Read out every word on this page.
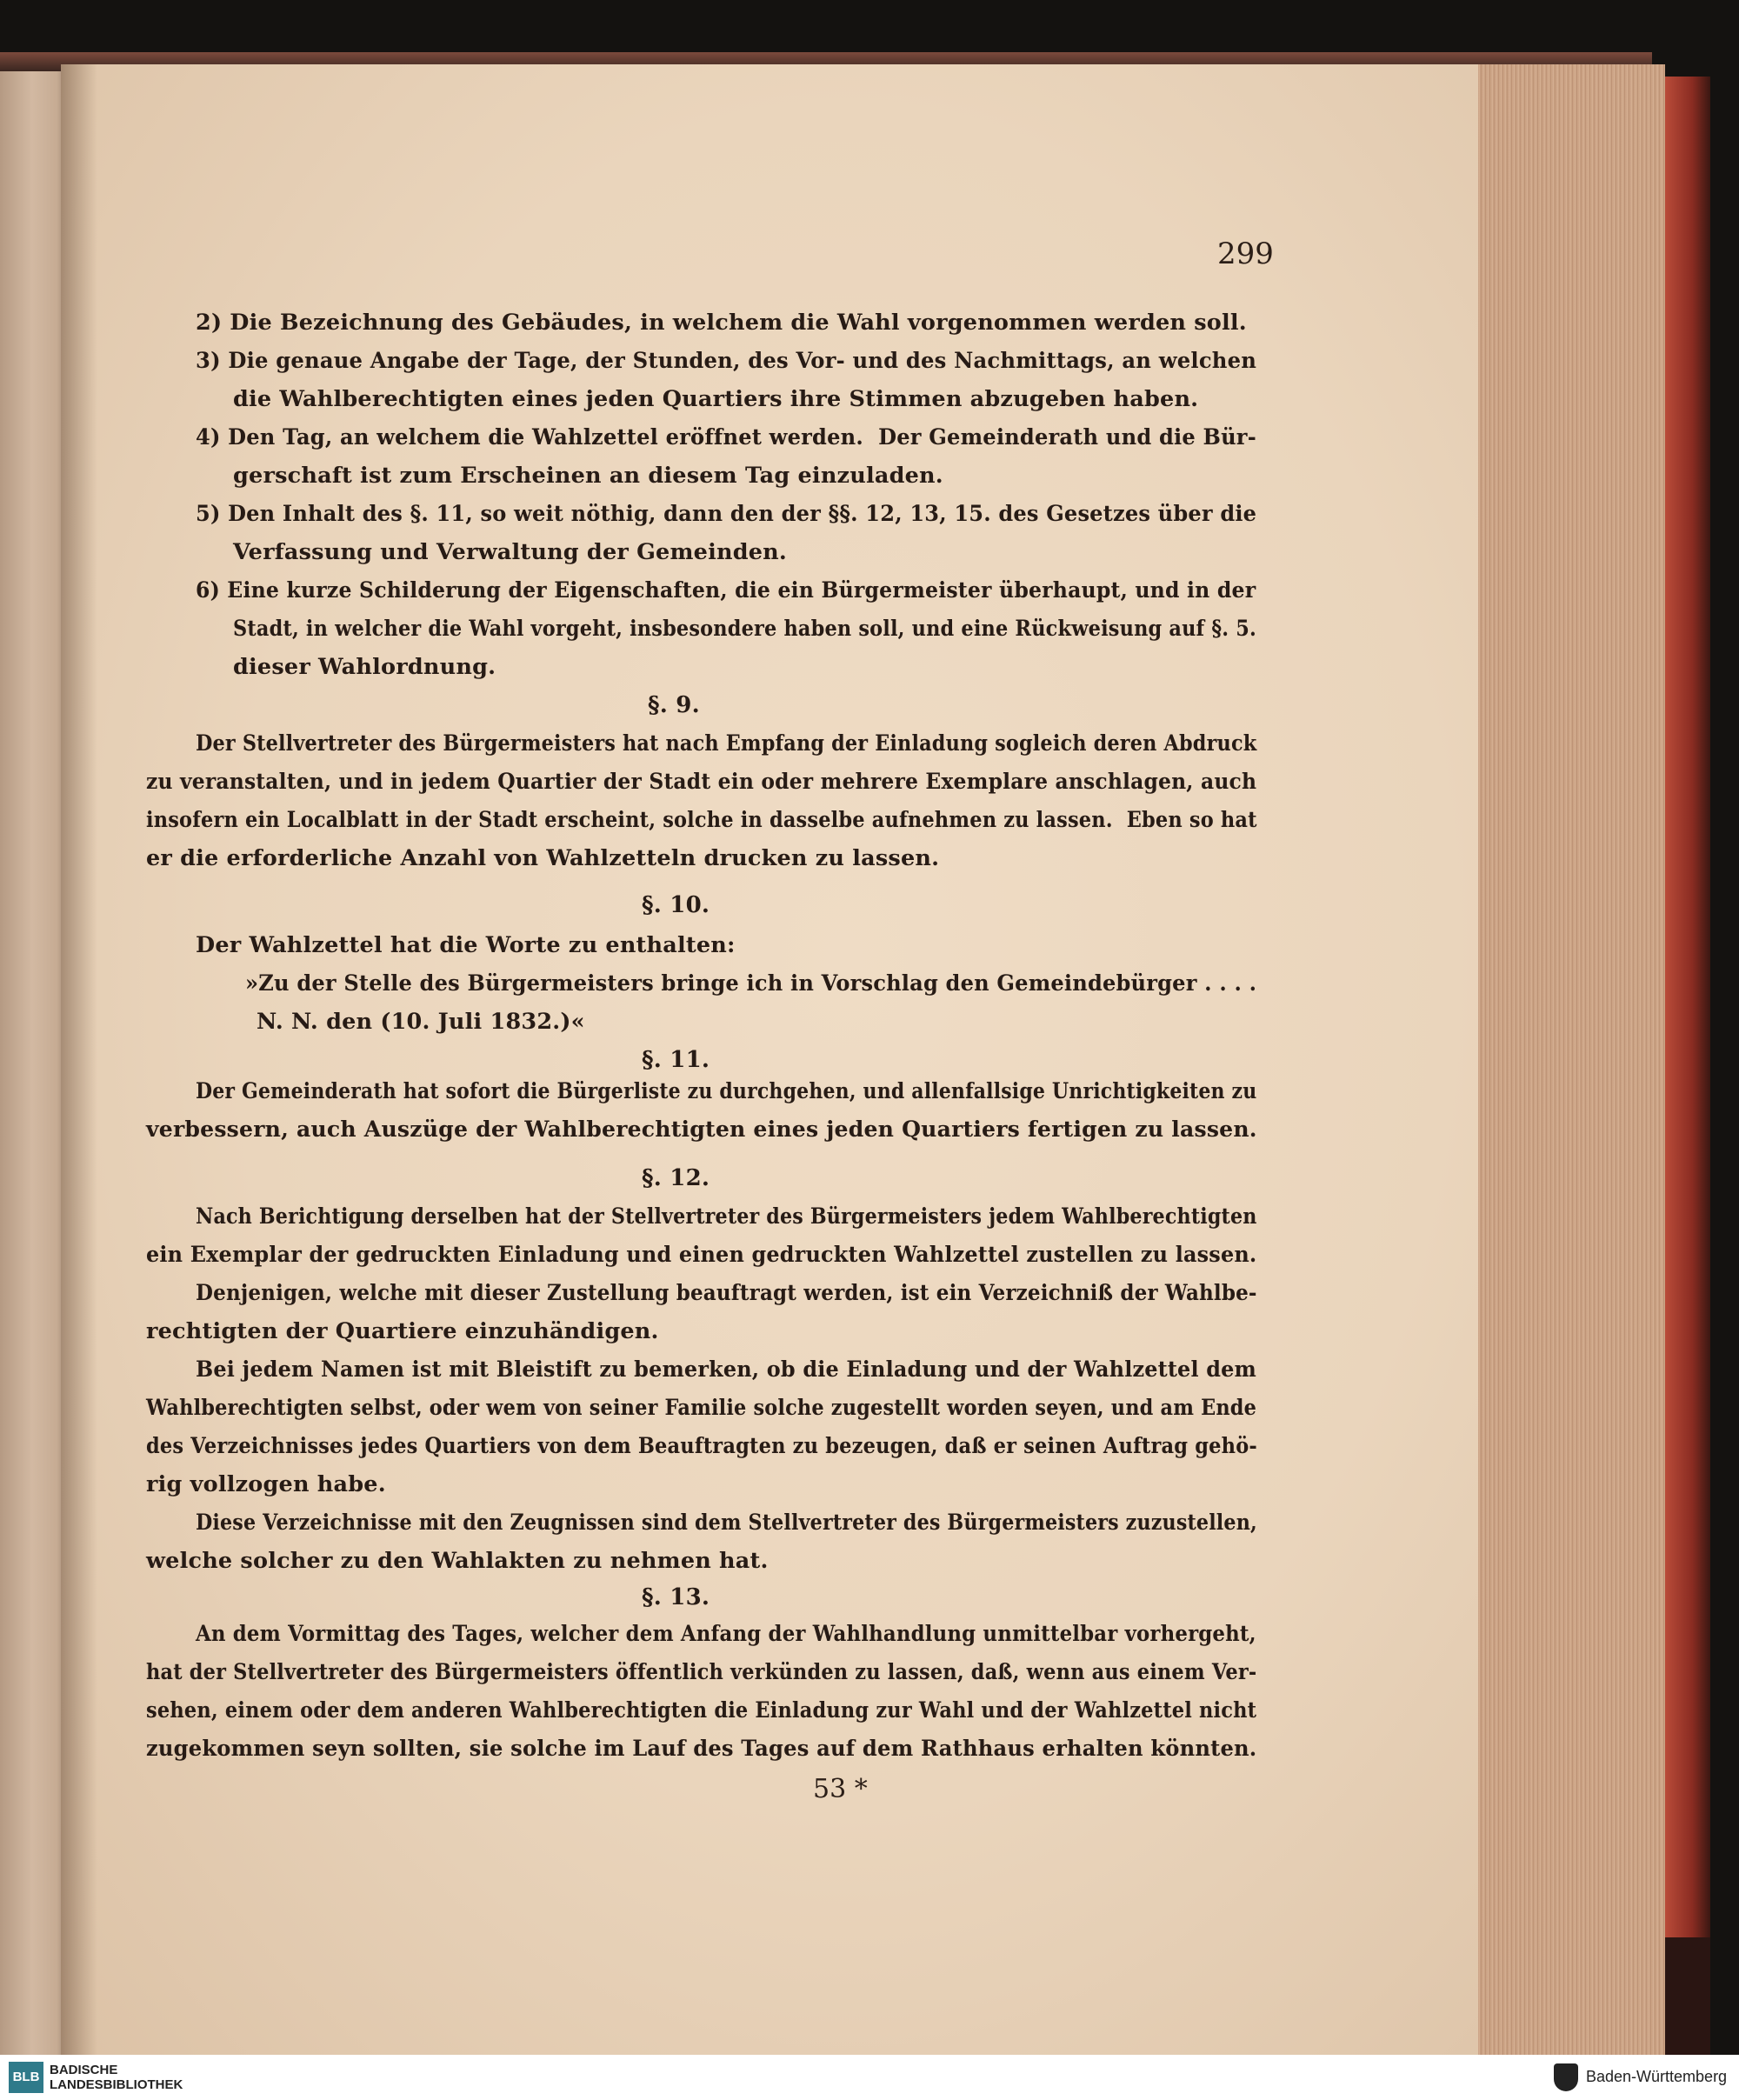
299
2) Die Bezeichnung des Gebäudes, in welchem die Wahl vorgenommen werden soll.
3) Die genaue Angabe der Tage, der Stunden, des Vor- und des Nachmittags, an welchen
die Wahlberechtigten eines jeden Quartiers ihre Stimmen abzugeben haben.
4) Den Tag, an welchem die Wahlzettel eröffnet werden.  Der Gemeinderath und die Bür-
gerschaft ist zum Erscheinen an diesem Tag einzuladen.
5) Den Inhalt des §. 11, so weit nöthig, dann den der §§. 12, 13, 15. des Gesetzes über die
Verfassung und Verwaltung der Gemeinden.
6) Eine kurze Schilderung der Eigenschaften, die ein Bürgermeister überhaupt, und in der
Stadt, in welcher die Wahl vorgeht, insbesondere haben soll, und eine Rückweisung auf §. 5.
dieser Wahlordnung.
§. 9.
Der Stellvertreter des Bürgermeisters hat nach Empfang der Einladung sogleich deren Abdruck
zu veranstalten, und in jedem Quartier der Stadt ein oder mehrere Exemplare anschlagen, auch
insofern ein Localblatt in der Stadt erscheint, solche in dasselbe aufnehmen zu lassen.  Eben so hat
er die erforderliche Anzahl von Wahlzetteln drucken zu lassen.
§. 10.
Der Wahlzettel hat die Worte zu enthalten:
»Zu der Stelle des Bürgermeisters bringe ich in Vorschlag den Gemeindebürger . . . .
N. N. den (10. Juli 1832.)«
§. 11.
Der Gemeinderath hat sofort die Bürgerliste zu durchgehen, und allenfallsige Unrichtigkeiten zu
verbessern, auch Auszüge der Wahlberechtigten eines jeden Quartiers fertigen zu lassen.
§. 12.
Nach Berichtigung derselben hat der Stellvertreter des Bürgermeisters jedem Wahlberechtigten
ein Exemplar der gedruckten Einladung und einen gedruckten Wahlzettel zustellen zu lassen.
Denjenigen, welche mit dieser Zustellung beauftragt werden, ist ein Verzeichniß der Wahlbe-
rechtigten der Quartiere einzuhändigen.
Bei jedem Namen ist mit Bleistift zu bemerken, ob die Einladung und der Wahlzettel dem
Wahlberechtigten selbst, oder wem von seiner Familie solche zugestellt worden seyen, und am Ende
des Verzeichnisses jedes Quartiers von dem Beauftragten zu bezeugen, daß er seinen Auftrag gehö-
rig vollzogen habe.
Diese Verzeichnisse mit den Zeugnissen sind dem Stellvertreter des Bürgermeisters zuzustellen,
welche solcher zu den Wahlakten zu nehmen hat.
§. 13.
An dem Vormittag des Tages, welcher dem Anfang der Wahlhandlung unmittelbar vorhergeht,
hat der Stellvertreter des Bürgermeisters öffentlich verkünden zu lassen, daß, wenn aus einem Ver-
sehen, einem oder dem anderen Wahlberechtigten die Einladung zur Wahl und der Wahlzettel nicht
zugekommen seyn sollten, sie solche im Lauf des Tages auf dem Rathhaus erhalten könnten.
53 *
BLB BADISCHE
LANDESBIBLIOTHEK	Baden-Württemberg
